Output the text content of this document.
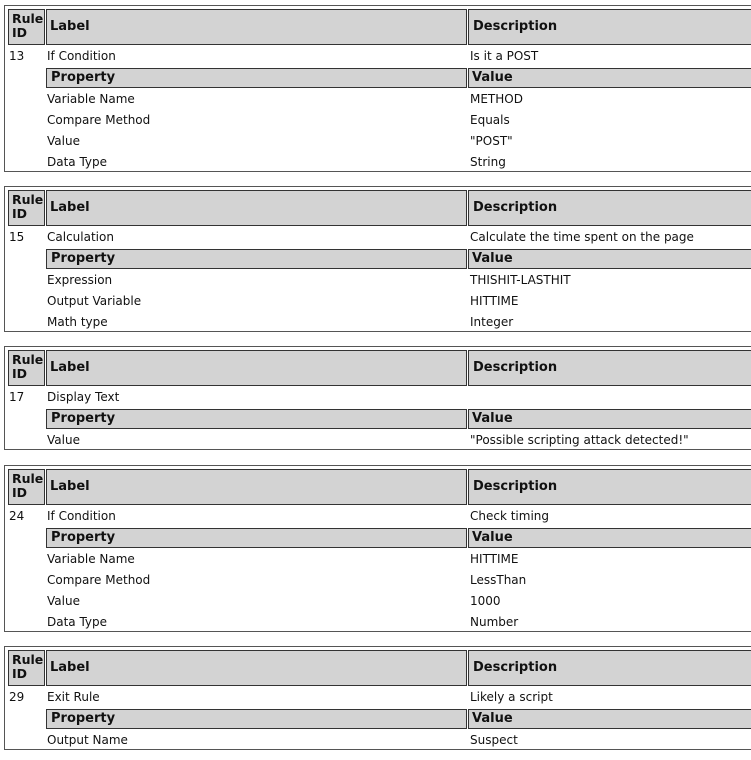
Rule ID	Label	Description
13 If Condition	Is it a POST
Property	Value
Variable Name	METHOD
Compare Method	Equals
Value	"POST"
Data Type	String
Rule ID	Label	Description
15 Calculation	Calculate the time spent on the page
Property	Value
Expression	THISHIT-LASTHIT
Output Variable	HITTIME
Math type	Integer
Rule ID	Label	Description
17 Display Text
Property	Value
Value	"Possible scripting attack detected!"
Rule ID	Label	Description
24 If Condition	Check timing
Property	Value
Variable Name	HITTIME
Compare Method	LessThan
Value	1000
Data Type	Number
Rule ID	Label	Description
29 Exit Rule	Likely a script
Property	Value
Output Name	Suspect
